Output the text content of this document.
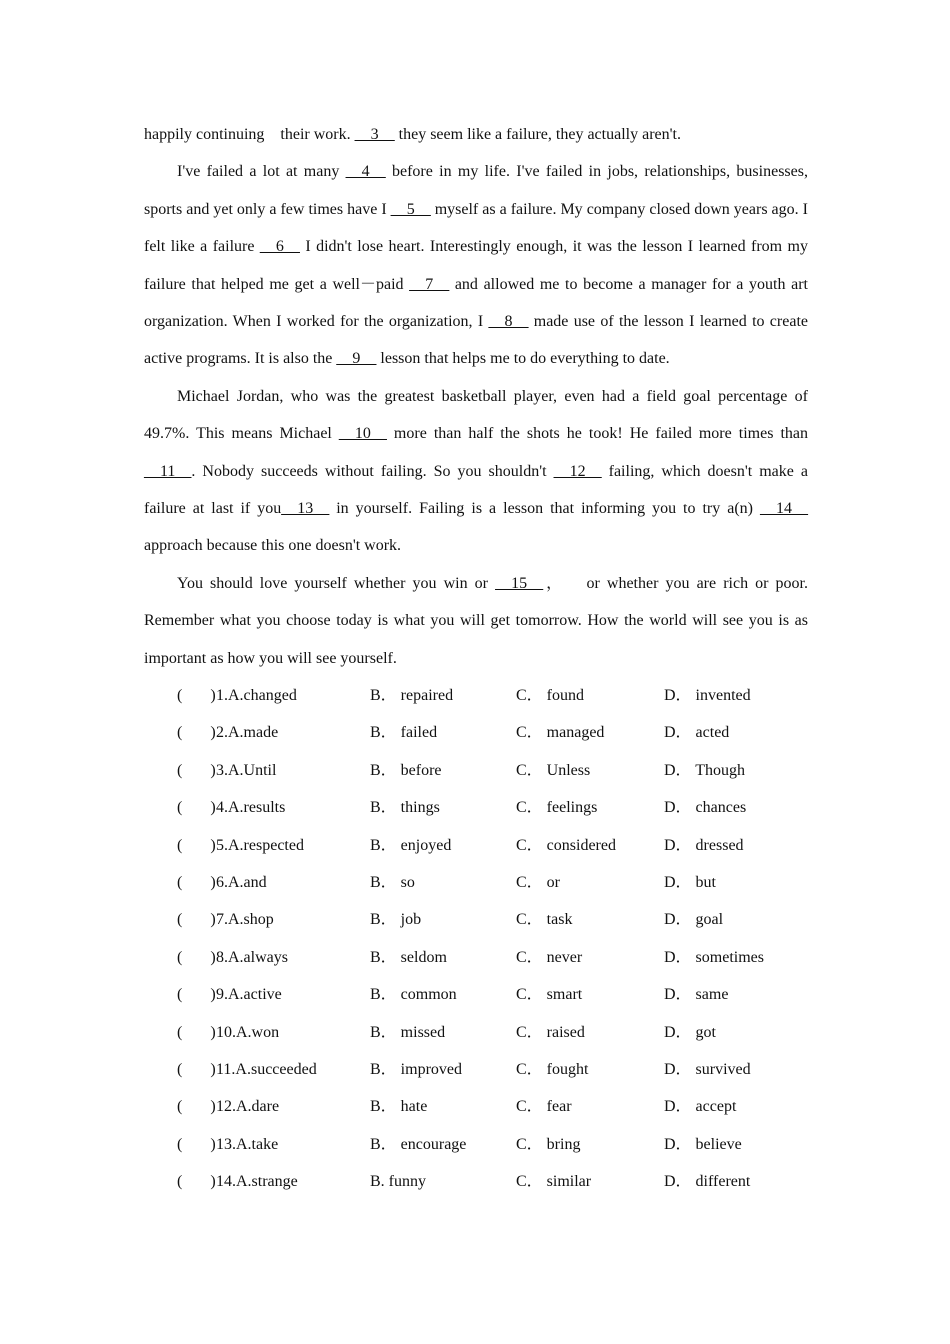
happily continuing    their work. __3__ they seem like a failure, they actually aren't.

I've failed a lot at many __4__ before in my life. I've failed in jobs, relationships, businesses, sports and yet only a few times have I __5__ myself as a failure. My company closed down years ago. I felt like a failure __6__ I didn't lose heart. Interestingly enough, it was the lesson I learned from my failure that helped me get a well－paid __7__ and allowed me to become a manager for a youth art organization. When I worked for the organization, I __8__ made use of the lesson I learned to create active programs. It is also the __9__ lesson that helps me to do everything to date.

Michael Jordan, who was the greatest basketball player, even had a field goal percentage of 49.7%. This means Michael __10__ more than half the shots he took! He failed more times than __11__. Nobody succeeds without failing. So you shouldn't __12__ failing, which doesn't make a failure at last if you__13__ in yourself. Failing is a lesson that informing you to try a(n) __14__ approach because this one doesn't work.

You should love yourself whether you win or __15__，   or whether you are rich or poor. Remember what you choose today is what you will get tomorrow. How the world will see you is as important as how you will see yourself.

(       ) 1.A.changed	B． repaired	C． found	D． invented
(       ) 2.A.made	B． failed	C． managed	D． acted
(       ) 3.A.Until	B． before	C． Unless	D． Though
(       ) 4.A.results	B． things	C． feelings	D． chances
(       ) 5.A.respected	B． enjoyed	C． considered	D． dressed
(       ) 6.A.and	B． so	C． or	D． but
(       ) 7.A.shop	B． job	C． task	D． goal
(       ) 8.A.always	B． seldom	C． never	D． sometimes
(       ) 9.A.active	B． common	C． smart	D． same
(       ) 10.A.won	B． missed	C． raised	D． got
(       ) 11.A.succeeded	B． improved	C． fought	D． survived
(       ) 12.A.dare	B． hate	C． fear	D． accept
(       ) 13.A.take	B． encourage	C． bring	D． believe
(       ) 14.A.strange	B. funny	C． similar	D． different
